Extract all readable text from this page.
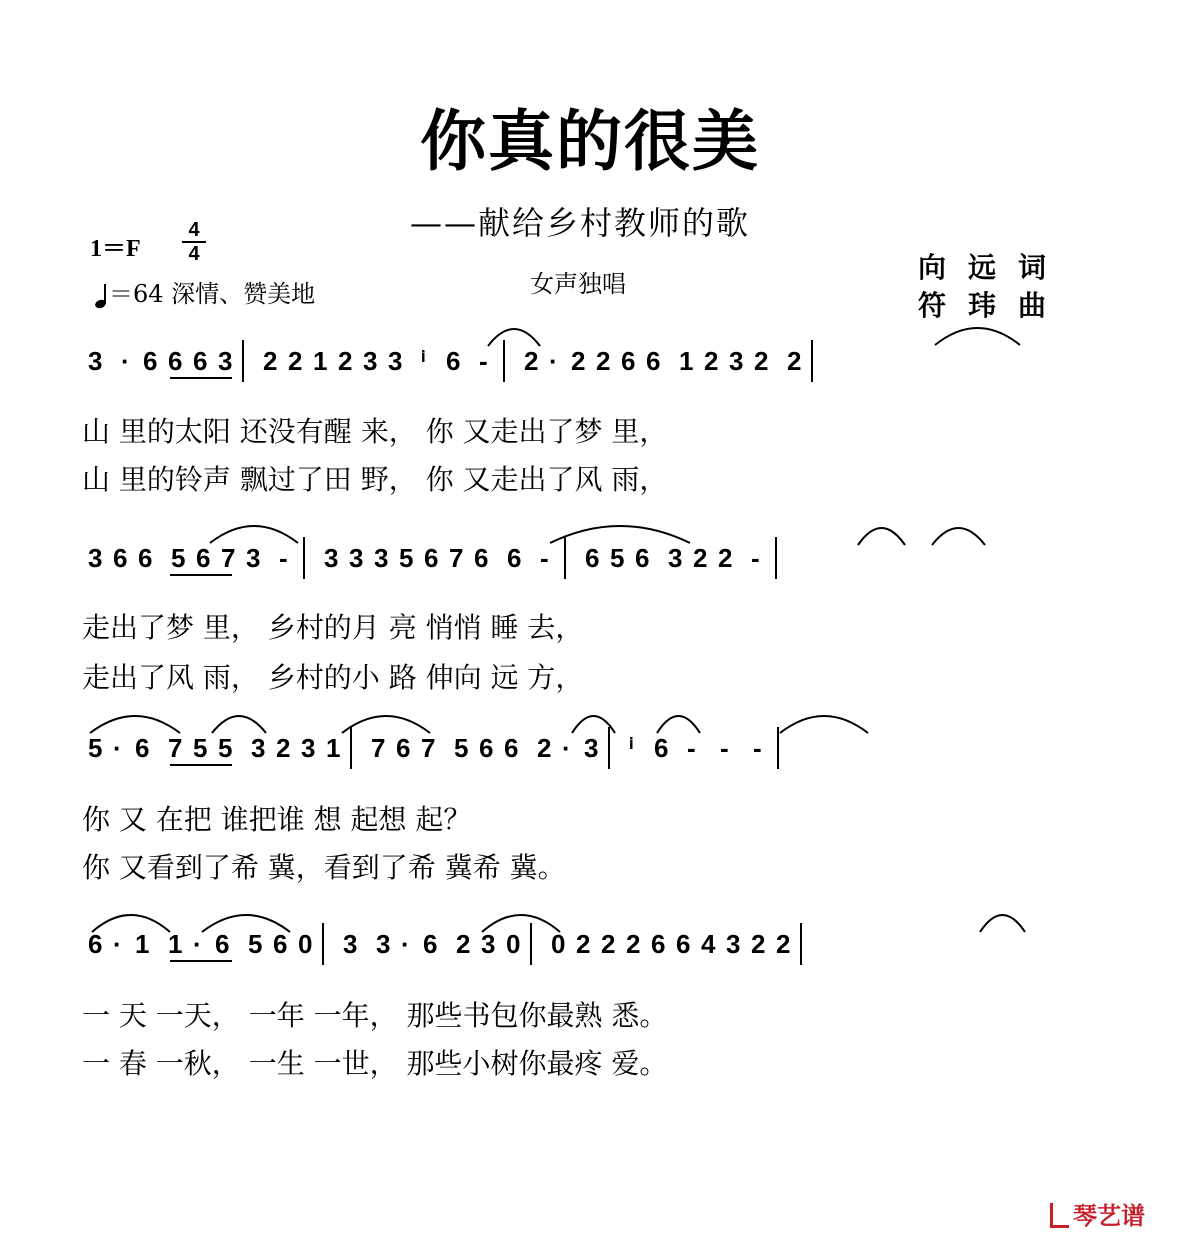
你真的很美
——献给乡村教师的歌
1＝F
4
4
＝64 深情、赞美地	女声独唱	向远词
符玮曲
3 · 6 6 6 3 2 2 1 2 3 3 ⁱ 6 - 2 · 2 2 6 6 1 2 3 2 2
3 6 6 5 6 7 3 - 3 3 3 5 6 7 6 6 - 6 5 6 3 2 2 -
5 · 6 7 5 5 3 2 3 1 7 6 7 5 6 6 2 · 3 ⁱ 6 - - -
6 · 1 1 · 6 5 6 0 3 3 · 6 2 3 0 0 2 2 2 6 6 4 3 2 2
山 里的太阳 还没有醒 来， 你 又走出了梦 里，
山 里的铃声 飘过了田 野， 你 又走出了风 雨，
走出了梦 里， 乡村的月 亮 悄悄 睡 去，
走出了风 雨， 乡村的小 路 伸向 远 方，
你 又 在把 谁把谁 想 起想 起？
你 又看到了希 冀，看到了希 冀希 冀。
一 天 一天， 一年 一年， 那些书包你最熟 悉。
一 春 一秋， 一生 一世， 那些小树你最疼 爱。
琴艺谱
